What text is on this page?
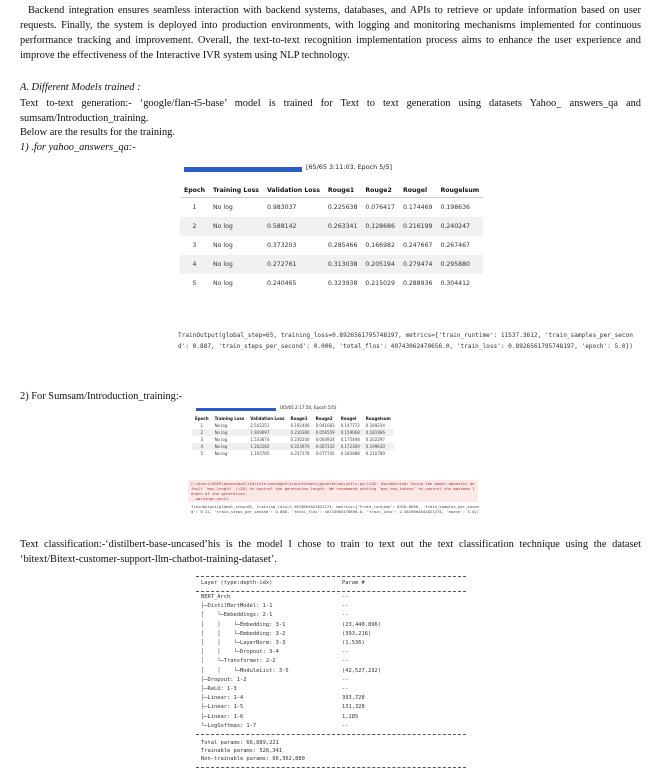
Backend integration ensures seamless interaction with backend systems, databases, and APIs to retrieve or update information based on user requests. Finally, the system is deployed into production environments, with logging and monitoring mechanisms implemented for continuous performance tracking and improvement. Overall, the text-to-text recognition implementation process aims to enhance the user experience and improve the effectiveness of the Interactive IVR system using NLP technology.
A. Different Models trained :
Text to-text generation:- ‘google/flan-t5-base’ model is trained for Text to text generation using datasets Yahoo_ answers_qa and sumsam/Introduction_training.
Below are the results for the training.
1) .for yahoo_answers_qa:-
[65/65 3:11:03, Epoch 5/5]
Epoch	Training Loss	Validation Loss	Rouge1	Rouge2	Rougel	Rougelsum
1	No log	0.983037	0.225638	0.076417	0.174469	0.198636
2	No log	0.588142	0.263341	0.128686	0.216199	0.240247
3	No log	0.373203	0.285466	0.166982	0.247667	0.267467
4	No log	0.272761	0.313038	0.205194	0.279474	0.295880
5	No log	0.240465	0.323938	0.215029	0.288936	0.304412
TrainOutput(global_step=65, training_loss=0.8926561795748197, metrics={'train_runtime': 11537.3612, 'train_samples_per_second': 0.887, 'train_steps_per_second': 0.006, 'total_flos': 40743062470656.0, 'train_loss': 0.8926561795748197, 'epoch': 5.0})
2) For Sumsam/Introduction_training:-
[65/65 2:17:50, Epoch 5/5]
Epoch	Training Loss	Validation Loss	Rouge1	Rouge2	Rougel	Rougelsum
1	No log	2.542251	0.192400	0.041083	0.147772	0.169234
2	No log	1.929097	0.210360	0.056559	0.159068	0.181966
3	No log	1.533674	0.230240	0.064924	0.175498	0.202297
4	No log	1.262282	0.223970	0.067332	0.172300	0.199630
5	No log	1.165785	0.237178	0.077745	0.183988	0.210789
C:\Users\USER\anaconda3\lib\site-packages\transformers\generation\utils.py:1132: UserWarning: Using the model-agnostic default `max_length` (=20) to control the generation length. We recommend setting `max_new_tokens` to control the maximum length of the generation.
warnings.warn(
TrainOutput(global_step=65, training_loss=2.3819604841621274, metrics={'train_runtime': 8320.8056, 'train_samples_per_second': 0.12, 'train_steps_per_second': 0.008, 'total_flos': 40743062470656.0, 'train_loss': 2.3819604841621274, 'epoch': 5.0})
Text classification:-‘distilbert-base-uncased’his is the model I chose to train to text out the text classification technique using the dataset ‘bitext/Bitext-customer-support-llm-chatbot-training-dataset’.
Layer (type:depth-idx)	Param #
BERT_Arch	--
├─DistilBertModel: 1-1	--
│    └─Embeddings: 2-1	--
│    │    └─Embedding: 3-1	(23,440,896)
│    │    └─Embedding: 3-2	(393,216)
│    │    └─LayerNorm: 3-3	(1,536)
│    │    └─Dropout: 3-4	--
│    └─Transformer: 2-2	--
│    │    └─ModuleList: 3-5	(42,527,232)
├─Dropout: 1-2	--
├─ReLU: 1-3	--
├─Linear: 1-4	393,728
├─Linear: 1-5	131,328
├─Linear: 1-6	1,285
└─LogSoftmax: 1-7	--
Total params: 66,889,221
Trainable params: 526,341
Non-trainable params: 66,362,880
